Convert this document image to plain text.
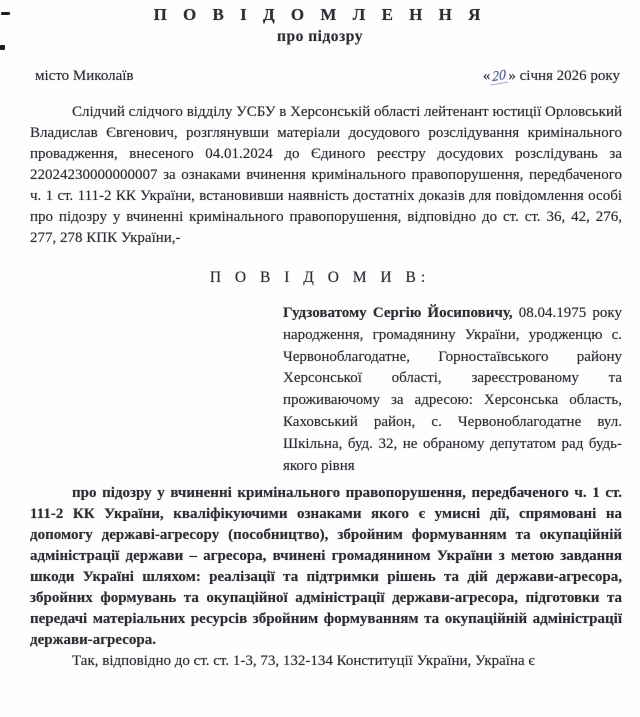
П О В І Д О М Л Е Н Н Я
про підозру
місто Миколаїв	« 20 » січня 2026 року

Слідчий слідчого відділу УСБУ в Херсонській області лейтенант юстиції Орловський Владислав Євгенович, розглянувши матеріали досудового розслідування кримінального провадження, внесеного 04.01.2024 до Єдиного реєстру досудових розслідувань за 22024230000000007 за ознаками вчинення кримінального правопорушення, передбаченого ч. 1 ст. 111-2 КК України, встановивши наявність достатніх доказів для повідомлення особі про підозру у вчиненні кримінального правопорушення, відповідно до ст. ст. 36, 42, 276, 277, 278 КПК України,-

П О В І Д О М И В:

Гудзоватому Сергію Йосиповичу, 08.04.1975 року народження, громадянину України, уродженцю с. Червоноблагодатне, Горностаївського району Херсонської області, зареєстрованому та проживаючому за адресою: Херсонська область, Каховський район, с. Червоноблагодатне вул. Шкільна, буд. 32, не обраному депутатом рад будь-якого рівня

про підозру у вчиненні кримінального правопорушення, передбаченого ч. 1 ст. 111-2 КК України, кваліфікуючими ознаками якого є умисні дії, спрямовані на допомогу державі-агресору (пособництво), збройним формуванням та окупаційній адміністрації держави – агресора, вчинені громадянином України з метою завдання шкоди Україні шляхом: реалізації та підтримки рішень та дій держави-агресора, збройних формувань та окупаційної адміністрації держави-агресора, підготовки та передачі матеріальних ресурсів збройним формуванням та окупаційній адміністрації держави-агресора.

Так, відповідно до ст. ст. 1-3, 73, 132-134 Конституції України, Україна є
